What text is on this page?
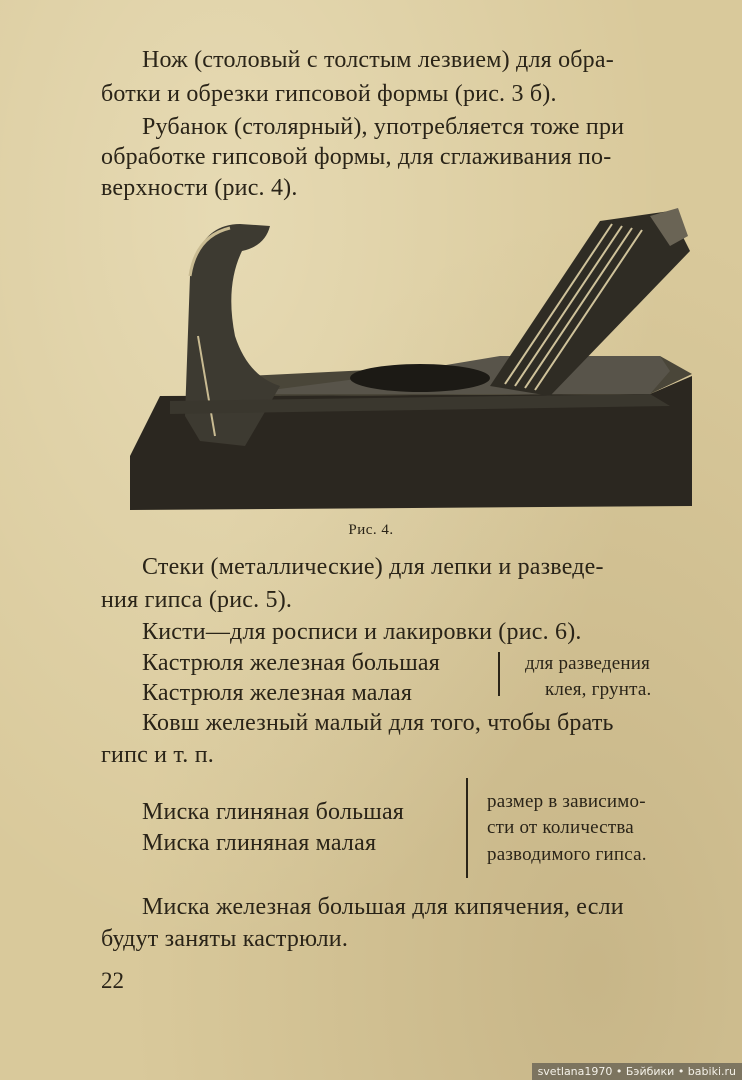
Нож (столовый с толстым лезвием) для обра-
ботки и обрезки гипсовой формы (рис. 3 б).
Рубанок (столярный), употребляется тоже при
обработке гипсовой формы, для сглаживания по-
верхности (рис. 4).
Рис. 4.
Стеки (металлические) для лепки и разведе-
ния гипса (рис. 5).
Кисти—для росписи и лакировки (рис. 6).
Кастрюля железная большая
Кастрюля железная малая
для разведения
клея, грунта.
Ковш железный малый для того, чтобы брать
гипс и т. п.
Миска глиняная большая
Миска глиняная малая
размер в зависимо-
сти от количества
разводимого гипса.
Миска железная большая для кипячения, если
будут заняты кастрюли.
22
svetlana1970 • Бэйбики • babiki.ru
